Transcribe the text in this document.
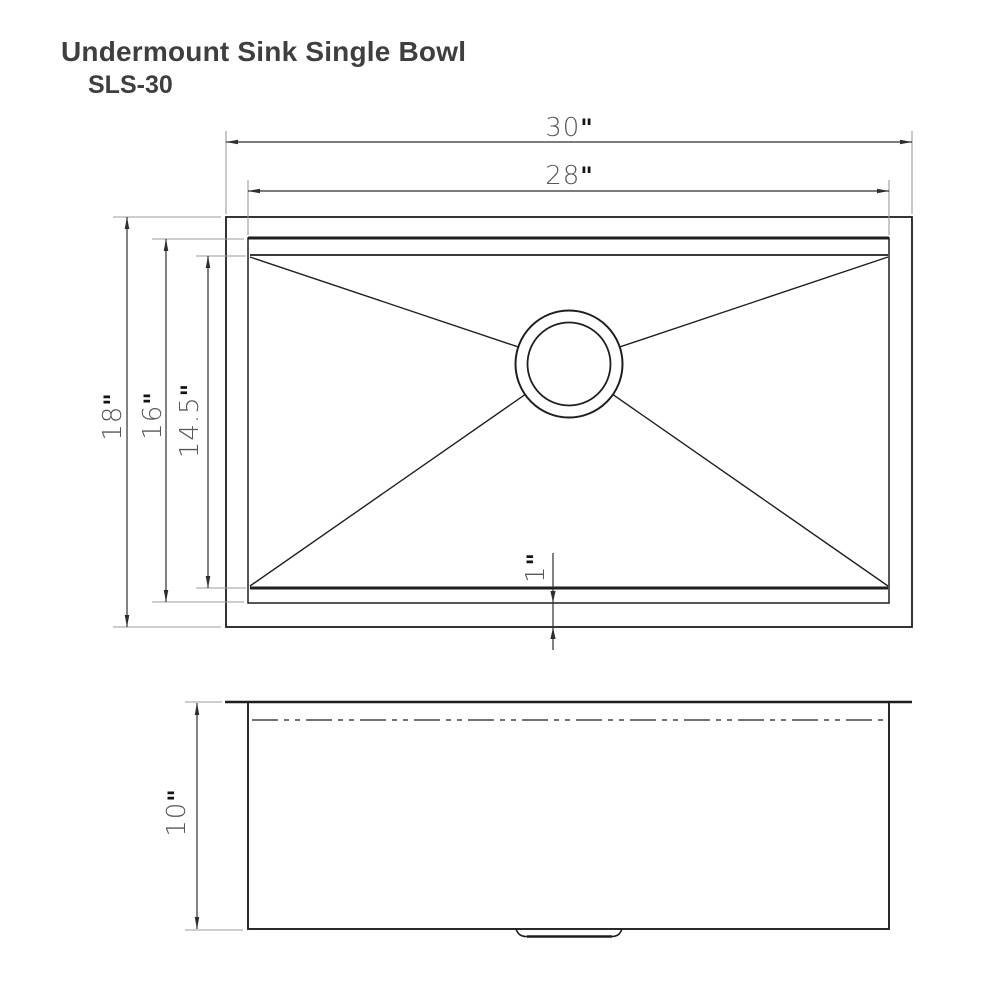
Undermount Sink Single Bowl
SLS-30
30"
28"
18"
16" 14.5"
1"
10"
